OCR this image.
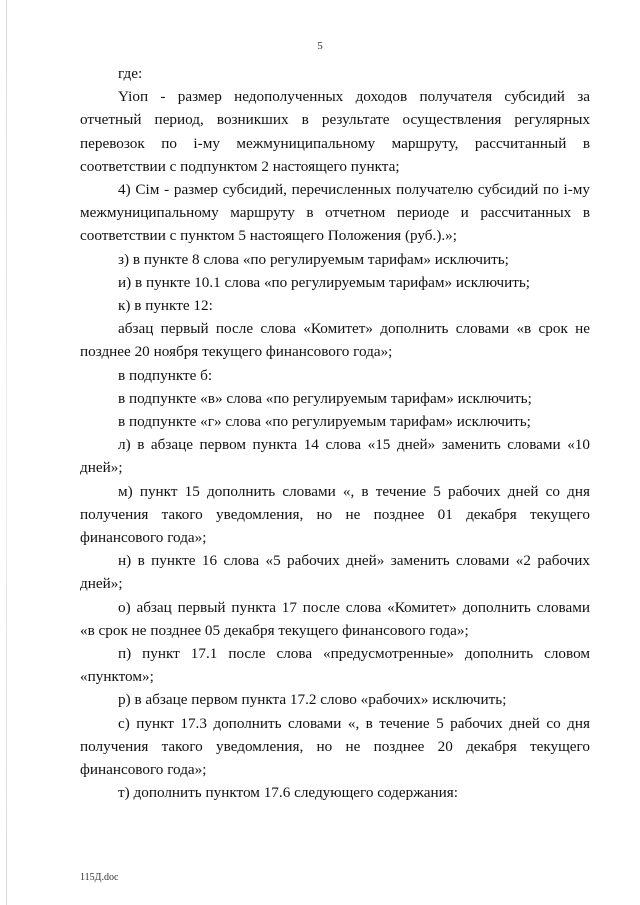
5

где:

Yiоп - размер недополученных доходов получателя субсидий за отчетный период, возникших в результате осуществления регулярных перевозок по i-му межмуниципальному маршруту, рассчитанный в соответствии с подпунктом 2 настоящего пункта;

4) Ciм - размер субсидий, перечисленных получателю субсидий по i-му межмуниципальному маршруту в отчетном периоде и рассчитанных в соответствии с пунктом 5 настоящего Положения (руб.).»;

з) в пункте 8 слова «по регулируемым тарифам» исключить;

и) в пункте 10.1 слова «по регулируемым тарифам» исключить;

к) в пункте 12:

абзац первый после слова «Комитет» дополнить словами «в срок не позднее 20 ноября текущего финансового года»;

в подпункте б:

в подпункте «в» слова «по регулируемым тарифам» исключить;

в подпункте «г» слова «по регулируемым тарифам» исключить;

л) в абзаце первом пункта 14 слова «15 дней» заменить словами «10 дней»;

м) пункт 15 дополнить словами «, в течение 5 рабочих дней со дня получения такого уведомления, но не позднее 01 декабря текущего финансового года»;

н) в пункте 16 слова «5 рабочих дней» заменить словами «2 рабочих дней»;

о) абзац первый пункта 17 после слова «Комитет» дополнить словами «в срок не позднее 05 декабря текущего финансового года»;

п) пункт 17.1 после слова «предусмотренные» дополнить словом «пунктом»;

р) в абзаце первом пункта 17.2 слово «рабочих» исключить;

с) пункт 17.3 дополнить словами «, в течение 5 рабочих дней со дня получения такого уведомления, но не позднее 20 декабря текущего финансового года»;

т) дополнить пунктом 17.6 следующего содержания:

115Д.doc
